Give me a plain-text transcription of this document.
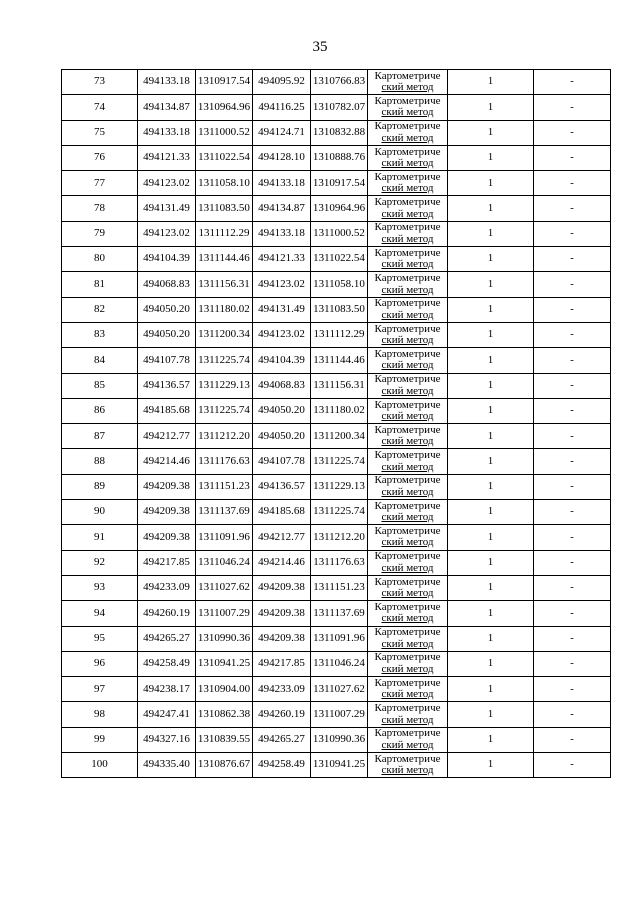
35
73	494133.18	1310917.54	494095.92	1310766.83	Картометриче
ский метод	1	-
74	494134.87	1310964.96	494116.25	1310782.07	Картометриче
ский метод	1	-
75	494133.18	1311000.52	494124.71	1310832.88	Картометриче
ский метод	1	-
76	494121.33	1311022.54	494128.10	1310888.76	Картометриче
ский метод	1	-
77	494123.02	1311058.10	494133.18	1310917.54	Картометриче
ский метод	1	-
78	494131.49	1311083.50	494134.87	1310964.96	Картометриче
ский метод	1	-
79	494123.02	1311112.29	494133.18	1311000.52	Картометриче
ский метод	1	-
80	494104.39	1311144.46	494121.33	1311022.54	Картометриче
ский метод	1	-
81	494068.83	1311156.31	494123.02	1311058.10	Картометриче
ский метод	1	-
82	494050.20	1311180.02	494131.49	1311083.50	Картометриче
ский метод	1	-
83	494050.20	1311200.34	494123.02	1311112.29	Картометриче
ский метод	1	-
84	494107.78	1311225.74	494104.39	1311144.46	Картометриче
ский метод	1	-
85	494136.57	1311229.13	494068.83	1311156.31	Картометриче
ский метод	1	-
86	494185.68	1311225.74	494050.20	1311180.02	Картометриче
ский метод	1	-
87	494212.77	1311212.20	494050.20	1311200.34	Картометриче
ский метод	1	-
88	494214.46	1311176.63	494107.78	1311225.74	Картометриче
ский метод	1	-
89	494209.38	1311151.23	494136.57	1311229.13	Картометриче
ский метод	1	-
90	494209.38	1311137.69	494185.68	1311225.74	Картометриче
ский метод	1	-
91	494209.38	1311091.96	494212.77	1311212.20	Картометриче
ский метод	1	-
92	494217.85	1311046.24	494214.46	1311176.63	Картометриче
ский метод	1	-
93	494233.09	1311027.62	494209.38	1311151.23	Картометриче
ский метод	1	-
94	494260.19	1311007.29	494209.38	1311137.69	Картометриче
ский метод	1	-
95	494265.27	1310990.36	494209.38	1311091.96	Картометриче
ский метод	1	-
96	494258.49	1310941.25	494217.85	1311046.24	Картометриче
ский метод	1	-
97	494238.17	1310904.00	494233.09	1311027.62	Картометриче
ский метод	1	-
98	494247.41	1310862.38	494260.19	1311007.29	Картометриче
ский метод	1	-
99	494327.16	1310839.55	494265.27	1310990.36	Картометриче
ский метод	1	-
100	494335.40	1310876.67	494258.49	1310941.25	Картометриче
ский метод	1	-
